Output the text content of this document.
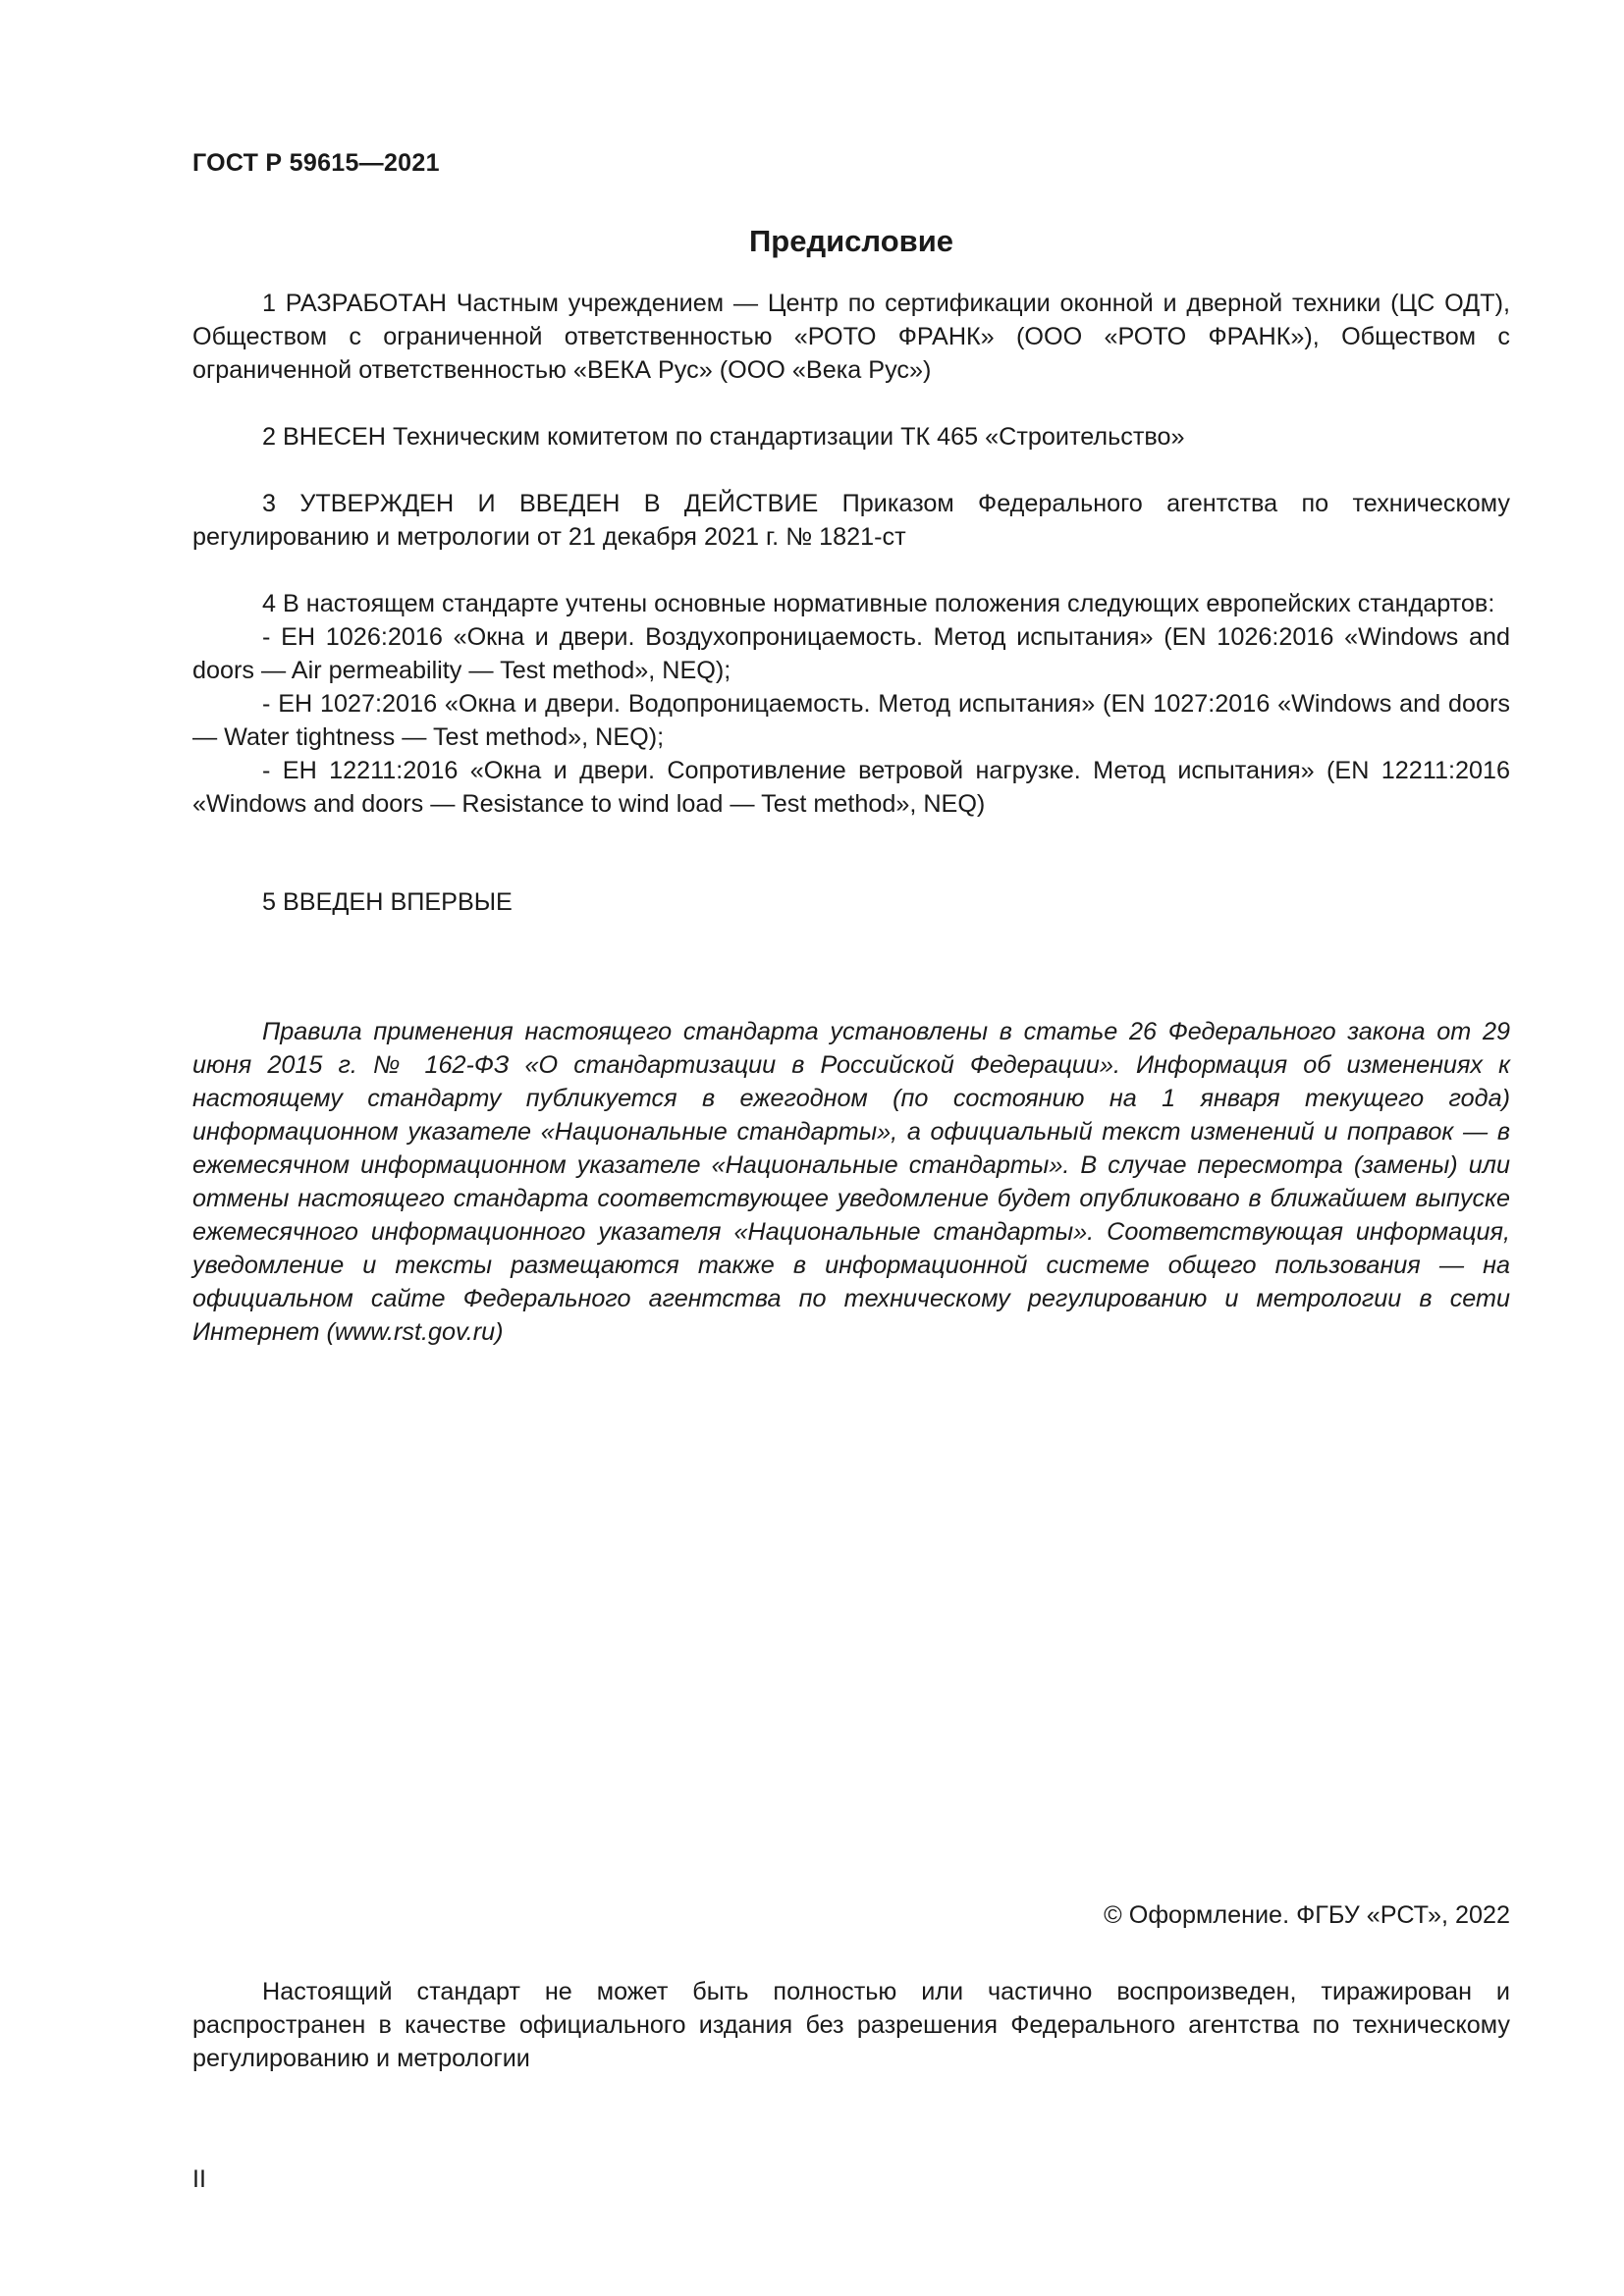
ГОСТ Р 59615—2021
Предисловие

1 РАЗРАБОТАН Частным учреждением — Центр по сертификации оконной и дверной техники (ЦС ОДТ), Обществом с ограниченной ответственностью «РОТО ФРАНК» (ООО «РОТО ФРАНК»), Обществом с ограниченной ответственностью «ВЕКА Рус» (ООО «Века Рус»)

2 ВНЕСЕН Техническим комитетом по стандартизации ТК 465 «Строительство»

3 УТВЕРЖДЕН И ВВЕДЕН В ДЕЙСТВИЕ Приказом Федерального агентства по техническому регулированию и метрологии от 21 декабря 2021 г. № 1821-ст

4 В настоящем стандарте учтены основные нормативные положения следующих европейских стандартов:

- ЕН 1026:2016 «Окна и двери. Воздухопроницаемость. Метод испытания» (EN 1026:2016 «Windows and doors — Air permeability — Test method», NEQ);
- ЕН 1027:2016 «Окна и двери. Водопроницаемость. Метод испытания» (EN 1027:2016 «Windows and doors — Water tightness — Test method», NEQ);
- ЕН 12211:2016 «Окна и двери. Сопротивление ветровой нагрузке. Метод испытания» (EN 12211:2016 «Windows and doors — Resistance to wind load — Test method», NEQ)

5 ВВЕДЕН ВПЕРВЫЕ

Правила применения настоящего стандарта установлены в статье 26 Федерального закона от 29 июня 2015 г. № 162-ФЗ «О стандартизации в Российской Федерации». Информация об изменениях к настоящему стандарту публикуется в ежегодном (по состоянию на 1 января текущего года) информационном указателе «Национальные стандарты», а официальный текст изменений и поправок — в ежемесячном информационном указателе «Национальные стандарты». В случае пересмотра (замены) или отмены настоящего стандарта соответствующее уведомление будет опубликовано в ближайшем выпуске ежемесячного информационного указателя «Национальные стандарты». Соответствующая информация, уведомление и тексты размещаются также в информационной системе общего пользования — на официальном сайте Федерального агентства по техническому регулированию и метрологии в сети Интернет (www.rst.gov.ru)

© Оформление. ФГБУ «РСТ», 2022

Настоящий стандарт не может быть полностью или частично воспроизведен, тиражирован и распространен в качестве официального издания без разрешения Федерального агентства по техническому регулированию и метрологии

II
